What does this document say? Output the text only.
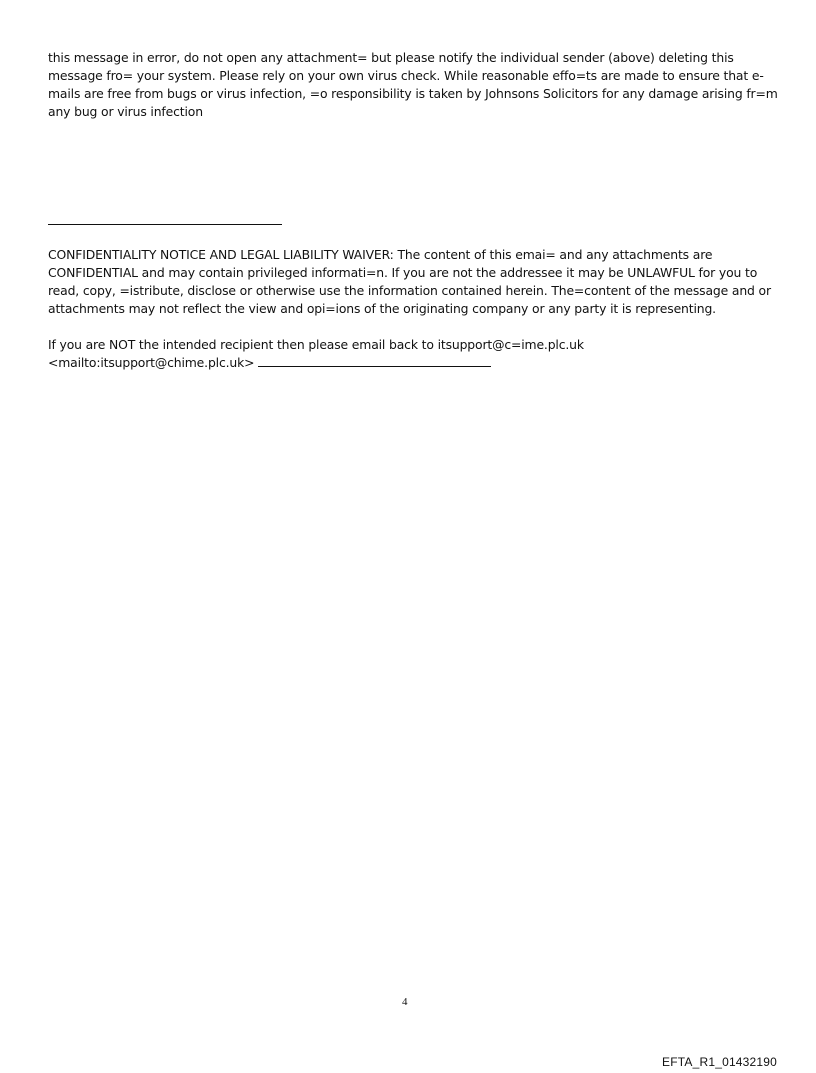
this message in error, do not open any attachment= but please notify the individual sender (above) deleting this
message fro= your system. Please rely on your own virus check. While reasonable effo=ts are made to ensure that e-
mails are free from bugs or virus infection, =o responsibility is taken by Johnsons Solicitors for any damage arising fr=m
any bug or virus infection
CONFIDENTIALITY NOTICE AND LEGAL LIABILITY WAIVER: The content of this emai= and any attachments are
CONFIDENTIAL and may contain privileged informati=n. If you are not the addressee it may be UNLAWFUL for you to
read, copy, =istribute, disclose or otherwise use the information contained herein. The=content of the message and or
attachments may not reflect the view and opi=ions of the originating company or any party it is representing.
If you are NOT the intended recipient then please email back to itsupport@c=ime.plc.uk
<mailto:itsupport@chime.plc.uk>
4
EFTA_R1_01432190
